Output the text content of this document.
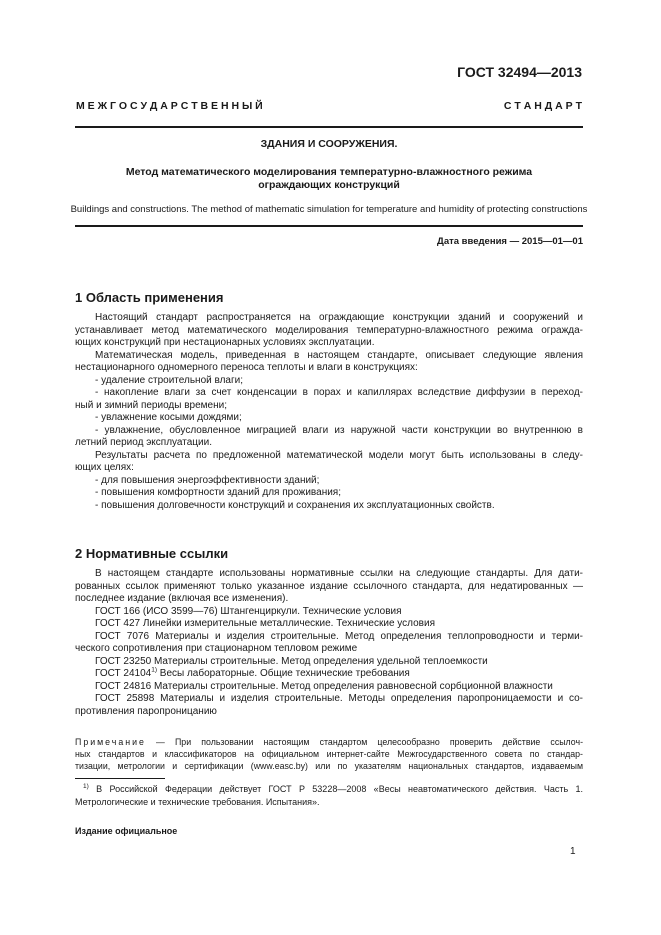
ГОСТ 32494—2013
М Е Ж Г О С У Д А Р С Т В Е Н Н Ы Й	С Т А Н Д А Р Т
ЗДАНИЯ И СООРУЖЕНИЯ.
Метод математического моделирования температурно-влажностного режима
ограждающих конструкций
Buildings and constructions. The method of mathematic simulation for temperature and humidity of protecting constructions
Дата введения — 2015—01—01
1 Область применения

Настоящий стандарт распространяется на ограждающие конструкции зданий и сооружений и
устанавливает метод математического моделирования температурно-влажностного режима огражда-
ющих конструкций при нестационарных условиях эксплуатации.
Математическая модель, приведенная в настоящем стандарте, описывает следующие явления
нестационарного одномерного переноса теплоты и влаги в конструкциях:
- удаление строительной влаги;
- накопление влаги за счет конденсации в порах и капиллярах вследствие диффузии в переход-
ный и зимний периоды времени;
- увлажнение косыми дождями;
- увлажнение, обусловленное миграцией влаги из наружной части конструкции во внутреннюю в
летний период эксплуатации.
Результаты расчета по предложенной математической модели могут быть использованы в следу-
ющих целях:
- для повышения энергоэффективности зданий;
- повышения комфортности зданий для проживания;
- повышения долговечности конструкций и сохранения их эксплуатационных свойств.
2 Нормативные ссылки
В настоящем стандарте использованы нормативные ссылки на следующие стандарты. Для дати-
рованных ссылок применяют только указанное издание ссылочного стандарта, для недатированных —
последнее издание (включая все изменения).
ГОСТ 166 (ИСО 3599—76) Штангенциркули. Технические условия
ГОСТ 427 Линейки измерительные металлические. Технические условия
ГОСТ 7076 Материалы и изделия строительные. Метод определения теплопроводности и терми-
ческого сопротивления при стационарном тепловом режиме
ГОСТ 23250 Материалы строительные. Метод определения удельной теплоемкости
ГОСТ 24104$^{1)}$ Весы лабораторные. Общие технические требования
ГОСТ 24816 Материалы строительные. Метод определения равновесной сорбционной влажности
ГОСТ 25898 Материалы и изделия строительные. Методы определения паропроницаемости и со-
противления паропроницанию

Примечание — При пользовании настоящим стандартом целесообразно проверить действие ссылоч-
ных стандартов и классификаторов на официальном интернет-сайте Межгосударственного совета по стандар-
тизации, метрологии и сертификации (www.easc.by) или по указателям национальных стандартов, издаваемым
$^{1)}$ В Российской Федерации действует ГОСТ Р 53228—2008 «Весы неавтоматического действия. Часть 1.
Метрологические и технические требования. Испытания».
Издание официальное
1
